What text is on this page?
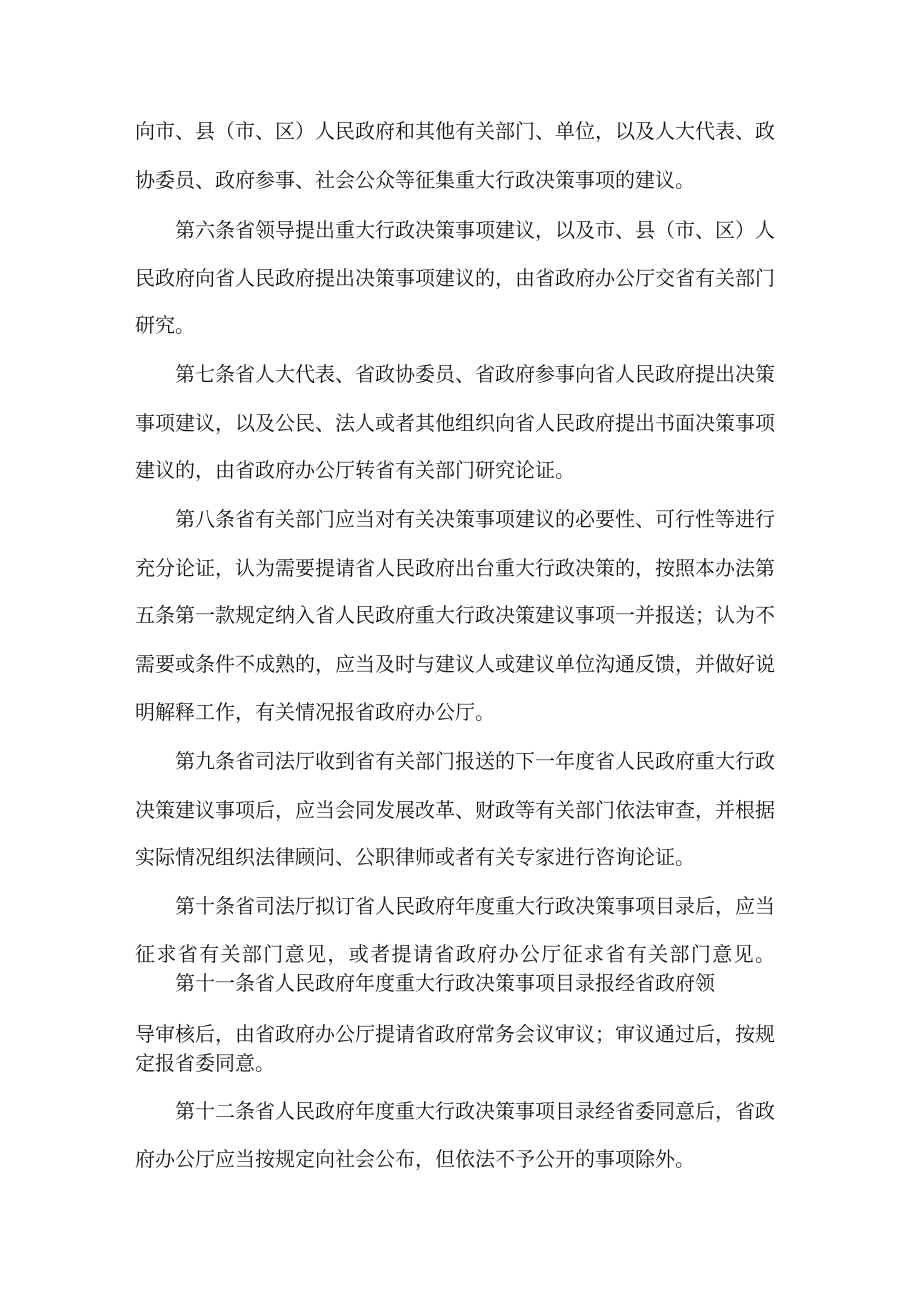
向市、县（市、区）人民政府和其他有关部门、单位，以及人大代表、政
协委员、政府参事、社会公众等征集重大行政决策事项的建议。
第六条省领导提出重大行政决策事项建议，以及市、县（市、区）人
民政府向省人民政府提出决策事项建议的，由省政府办公厅交省有关部门
研究。
第七条省人大代表、省政协委员、省政府参事向省人民政府提出决策
事项建议，以及公民、法人或者其他组织向省人民政府提出书面决策事项
建议的，由省政府办公厅转省有关部门研究论证。
第八条省有关部门应当对有关决策事项建议的必要性、可行性等进行
充分论证，认为需要提请省人民政府出台重大行政决策的，按照本办法第
五条第一款规定纳入省人民政府重大行政决策建议事项一并报送；认为不
需要或条件不成熟的，应当及时与建议人或建议单位沟通反馈，并做好说
明解释工作，有关情况报省政府办公厅。
第九条省司法厅收到省有关部门报送的下一年度省人民政府重大行政
决策建议事项后，应当会同发展改革、财政等有关部门依法审查，并根据
实际情况组织法律顾问、公职律师或者有关专家进行咨询论证。
第十条省司法厅拟订省人民政府年度重大行政决策事项目录后，应当
征求省有关部门意见，或者提请省政府办公厅征求省有关部门意见。
第十一条省人民政府年度重大行政决策事项目录报经省政府领
导审核后，由省政府办公厅提请省政府常务会议审议；审议通过后，按规
定报省委同意。
第十二条省人民政府年度重大行政决策事项目录经省委同意后，省政
府办公厅应当按规定向社会公布，但依法不予公开的事项除外。
